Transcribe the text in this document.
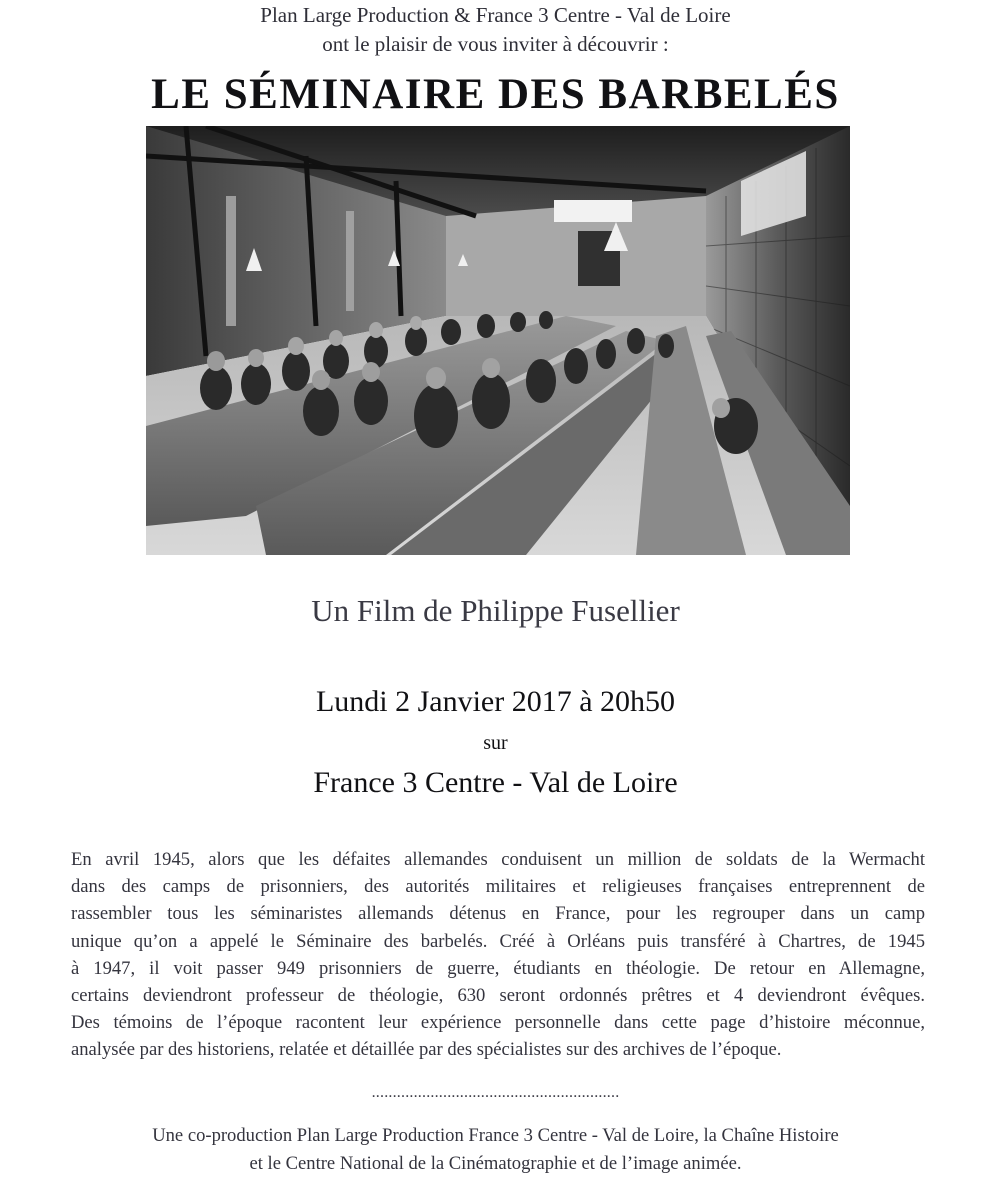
Plan Large Production & France 3 Centre - Val de Loire
ont le plaisir de vous inviter à découvrir :
LE SÉMINAIRE DES BARBELÉS
Un Film de Philippe Fusellier
Lundi 2 Janvier 2017 à 20h50
sur
France 3 Centre - Val de Loire
En avril 1945, alors que les défaites allemandes conduisent un million de soldats de la Wermacht
dans des camps de prisonniers, des autorités militaires et religieuses françaises entreprennent de
rassembler tous les séminaristes allemands détenus en France, pour les regrouper dans un camp
unique qu’on a appelé le Séminaire des barbelés. Créé à Orléans puis transféré à Chartres, de 1945
à 1947, il voit passer 949 prisonniers de guerre, étudiants en théologie. De retour en Allemagne,
certains deviendront professeur de théologie, 630 seront ordonnés prêtres et 4 deviendront évêques.
Des témoins de l’époque racontent leur expérience personnelle dans cette page d’histoire méconnue,
analysée par des historiens, relatée et détaillée par des spécialistes sur des archives de l’époque.
...........................................................
Une co-production Plan Large Production France 3 Centre - Val de Loire, la Chaîne Histoire
et le Centre National de la Cinématographie et de l’image animée.
